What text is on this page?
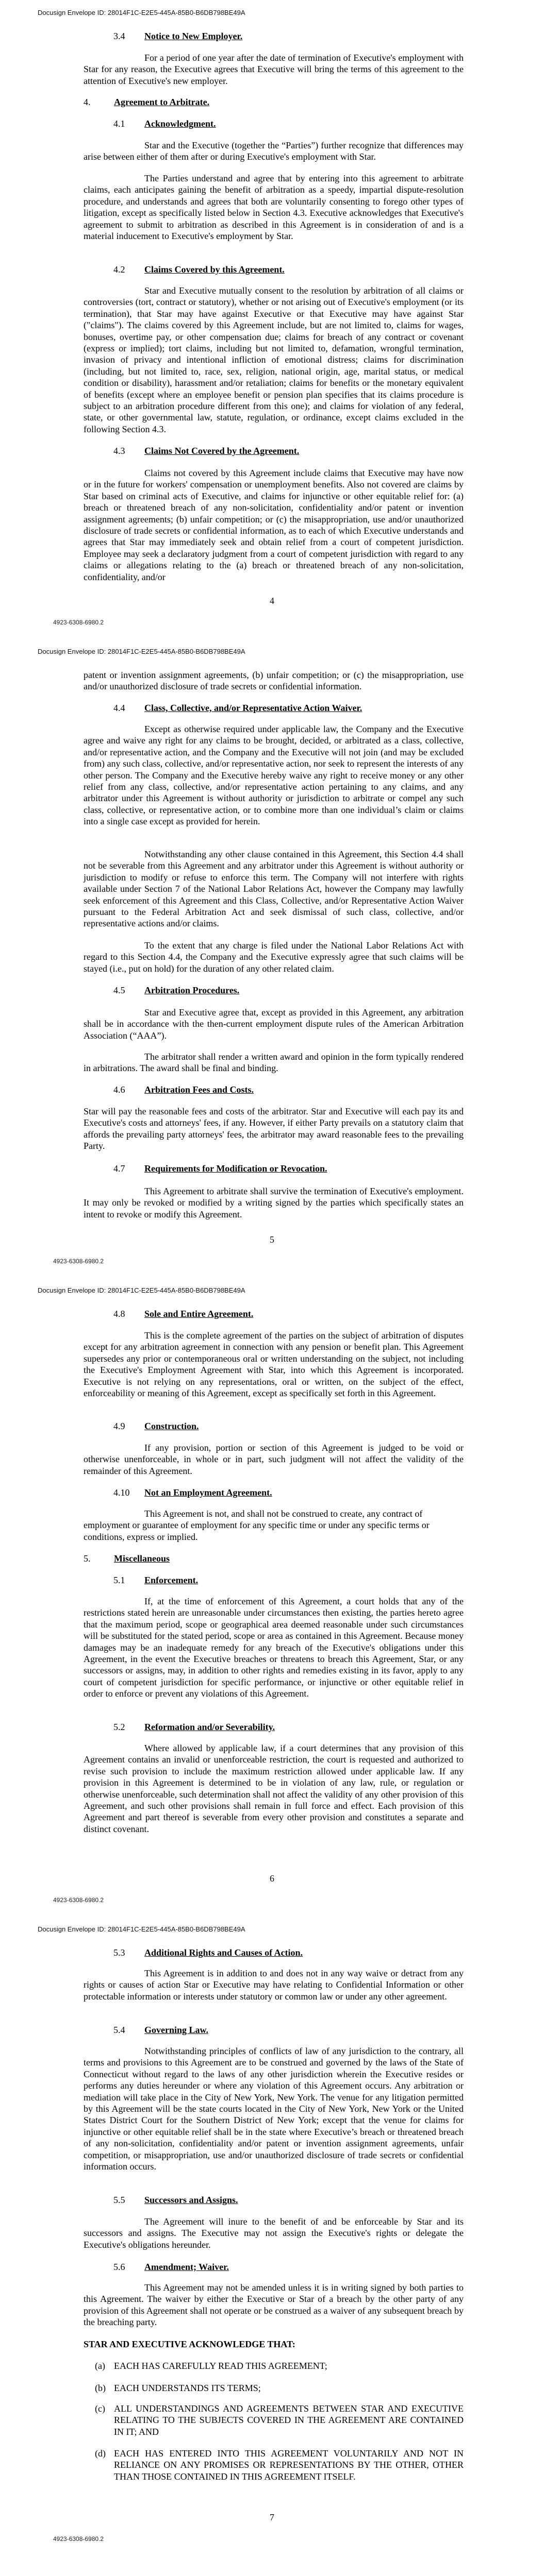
Docusign Envelope ID: 28014F1C-E2E5-445A-85B0-B6DB798BE49A
3.4 Notice to New Employer.
For a period of one year after the date of termination of Executive's employment with Star for any reason, the Executive agrees that Executive will bring the terms of this agreement to the attention of Executive's new employer.
4.	Agreement to Arbitrate.
4.1 Acknowledgment.
Star and the Executive (together the “Parties”) further recognize that differences may arise between either of them after or during Executive's employment with Star.
The Parties understand and agree that by entering into this agreement to arbitrate claims, each anticipates gaining the benefit of arbitration as a speedy, impartial dispute-resolution procedure, and understands and agrees that both are voluntarily consenting to forego other types of litigation, except as specifically listed below in Section 4.3. Executive acknowledges that Executive's agreement to submit to arbitration as described in this Agreement is in consideration of and is a material inducement to Executive's employment by Star.
4.2 Claims Covered by this Agreement.
Star and Executive mutually consent to the resolution by arbitration of all claims or controversies (tort, contract or statutory), whether or not arising out of Executive's employment (or its termination), that Star may have against Executive or that Executive may have against Star ("claims"). The claims covered by this Agreement include, but are not limited to, claims for wages, bonuses, overtime pay, or other compensation due; claims for breach of any contract or covenant (express or implied); tort claims, including but not limited to, defamation, wrongful termination, invasion of privacy and intentional infliction of emotional distress; claims for discrimination (including, but not limited to, race, sex, religion, national origin, age, marital status, or medical condition or disability), harassment and/or retaliation; claims for benefits or the monetary equivalent of benefits (except where an employee benefit or pension plan specifies that its claims procedure is subject to an arbitration procedure different from this one); and claims for violation of any federal, state, or other governmental law, statute, regulation, or ordinance, except claims excluded in the following Section 4.3.
4.3 Claims Not Covered by the Agreement.
Claims not covered by this Agreement include claims that Executive may have now or in the future for workers' compensation or unemployment benefits. Also not covered are claims by Star based on criminal acts of Executive, and claims for injunctive or other equitable relief for: (a) breach or threatened breach of any non-solicitation, confidentiality and/or patent or invention assignment agreements; (b) unfair competition; or (c) the misappropriation, use and/or unauthorized disclosure of trade secrets or confidential information, as to each of which Executive understands and agrees that Star may immediately seek and obtain relief from a court of competent jurisdiction. Employee may seek a declaratory judgment from a court of competent jurisdiction with regard to any claims or allegations relating to the (a) breach or threatened breach of any non-solicitation, confidentiality, and/or
4
4923-6308-6980.2
Docusign Envelope ID: 28014F1C-E2E5-445A-85B0-B6DB798BE49A
patent or invention assignment agreements, (b) unfair competition; or (c) the misappropriation, use and/or unauthorized disclosure of trade secrets or confidential information.
4.4 Class, Collective, and/or Representative Action Waiver.
Except as otherwise required under applicable law, the Company and the Executive agree and waive any right for any claims to be brought, decided, or arbitrated as a class, collective, and/or representative action, and the Company and the Executive will not join (and may be excluded from) any such class, collective, and/or representative action, nor seek to represent the interests of any other person. The Company and the Executive hereby waive any right to receive money or any other relief from any class, collective, and/or representative action pertaining to any claims, and any arbitrator under this Agreement is without authority or jurisdiction to arbitrate or compel any such class, collective, or representative action, or to combine more than one individual’s claim or claims into a single case except as provided for herein.
Notwithstanding any other clause contained in this Agreement, this Section 4.4 shall not be severable from this Agreement and any arbitrator under this Agreement is without authority or jurisdiction to modify or refuse to enforce this term. The Company will not interfere with rights available under Section 7 of the National Labor Relations Act, however the Company may lawfully seek enforcement of this Agreement and this Class, Collective, and/or Representative Action Waiver pursuant to the Federal Arbitration Act and seek dismissal of such class, collective, and/or representative actions and/or claims.
To the extent that any charge is filed under the National Labor Relations Act with regard to this Section 4.4, the Company and the Executive expressly agree that such claims will be stayed (i.e., put on hold) for the duration of any other related claim.
4.5 Arbitration Procedures.
Star and Executive agree that, except as provided in this Agreement, any arbitration shall be in accordance with the then-current employment dispute rules of the American Arbitration Association (“AAA”).
The arbitrator shall render a written award and opinion in the form typically rendered in arbitrations. The award shall be final and binding.
4.6 Arbitration Fees and Costs.
Star will pay the reasonable fees and costs of the arbitrator. Star and Executive will each pay its and Executive's costs and attorneys' fees, if any. However, if either Party prevails on a statutory claim that affords the prevailing party attorneys' fees, the arbitrator may award reasonable fees to the prevailing Party.
4.7 Requirements for Modification or Revocation.
This Agreement to arbitrate shall survive the termination of Executive's employment. It may only be revoked or modified by a writing signed by the parties which specifically states an intent to revoke or modify this Agreement.
5
4923-6308-6980.2
Docusign Envelope ID: 28014F1C-E2E5-445A-85B0-B6DB798BE49A
4.8 Sole and Entire Agreement.
This is the complete agreement of the parties on the subject of arbitration of disputes except for any arbitration agreement in connection with any pension or benefit plan. This Agreement supersedes any prior or contemporaneous oral or written understanding on the subject, not including the Executive's Employment Agreement with Star, into which this Agreement is incorporated. Executive is not relying on any representations, oral or written, on the subject of the effect, enforceability or meaning of this Agreement, except as specifically set forth in this Agreement.
4.9 Construction.
If any provision, portion or section of this Agreement is judged to be void or otherwise unenforceable, in whole or in part, such judgment will not affect the validity of the remainder of this Agreement.
4.10 Not an Employment Agreement.
This Agreement is not, and shall not be construed to create, any contract of employment or guarantee of employment for any specific time or under any specific terms or conditions, express or implied.
5.	Miscellaneous
5.1 Enforcement.
If, at the time of enforcement of this Agreement, a court holds that any of the restrictions stated herein are unreasonable under circumstances then existing, the parties hereto agree that the maximum period, scope or geographical area deemed reasonable under such circumstances will be substituted for the stated period, scope or area as contained in this Agreement. Because money damages may be an inadequate remedy for any breach of the Executive's obligations under this Agreement, in the event the Executive breaches or threatens to breach this Agreement, Star, or any successors or assigns, may, in addition to other rights and remedies existing in its favor, apply to any court of competent jurisdiction for specific performance, or injunctive or other equitable relief in order to enforce or prevent any violations of this Agreement.
5.2 Reformation and/or Severability.
Where allowed by applicable law, if a court determines that any provision of this Agreement contains an invalid or unenforceable restriction, the court is requested and authorized to revise such provision to include the maximum restriction allowed under applicable law. If any provision in this Agreement is determined to be in violation of any law, rule, or regulation or otherwise unenforceable, such determination shall not affect the validity of any other provision of this Agreement, and such other provisions shall remain in full force and effect. Each provision of this Agreement and part thereof is severable from every other provision and constitutes a separate and distinct covenant.
6
4923-6308-6980.2
Docusign Envelope ID: 28014F1C-E2E5-445A-85B0-B6DB798BE49A
5.3 Additional Rights and Causes of Action.
This Agreement is in addition to and does not in any way waive or detract from any rights or causes of action Star or Executive may have relating to Confidential Information or other protectable information or interests under statutory or common law or under any other agreement.
5.4 Governing Law.
Notwithstanding principles of conflicts of law of any jurisdiction to the contrary, all terms and provisions to this Agreement are to be construed and governed by the laws of the State of Connecticut without regard to the laws of any other jurisdiction wherein the Executive resides or performs any duties hereunder or where any violation of this Agreement occurs. Any arbitration or mediation will take place in the City of New York, New York. The venue for any litigation permitted by this Agreement will be the state courts located in the City of New York, New York or the United States District Court for the Southern District of New York; except that the venue for claims for injunctive or other equitable relief shall be in the state where Executive’s breach or threatened breach of any non-solicitation, confidentiality and/or patent or invention assignment agreements, unfair competition, or misappropriation, use and/or unauthorized disclosure of trade secrets or confidential information occurs.
5.5 Successors and Assigns.
The Agreement will inure to the benefit of and be enforceable by Star and its successors and assigns. The Executive may not assign the Executive's rights or delegate the Executive's obligations hereunder.
5.6 Amendment; Waiver.
This Agreement may not be amended unless it is in writing signed by both parties to this Agreement. The waiver by either the Executive or Star of a breach by the other party of any provision of this Agreement shall not operate or be construed as a waiver of any subsequent breach by the breaching party.
STAR AND EXECUTIVE ACKNOWLEDGE THAT:
(a) EACH HAS CAREFULLY READ THIS AGREEMENT;
(b) EACH UNDERSTANDS ITS TERMS;
(c) ALL UNDERSTANDINGS AND AGREEMENTS BETWEEN STAR AND EXECUTIVE RELATING TO THE SUBJECTS COVERED IN THE AGREEMENT ARE CONTAINED IN IT; AND
(d) EACH HAS ENTERED INTO THIS AGREEMENT VOLUNTARILY AND NOT IN RELIANCE ON ANY PROMISES OR REPRESENTATIONS BY THE OTHER, OTHER THAN THOSE CONTAINED IN THIS AGREEMENT ITSELF.
7
4923-6308-6980.2
